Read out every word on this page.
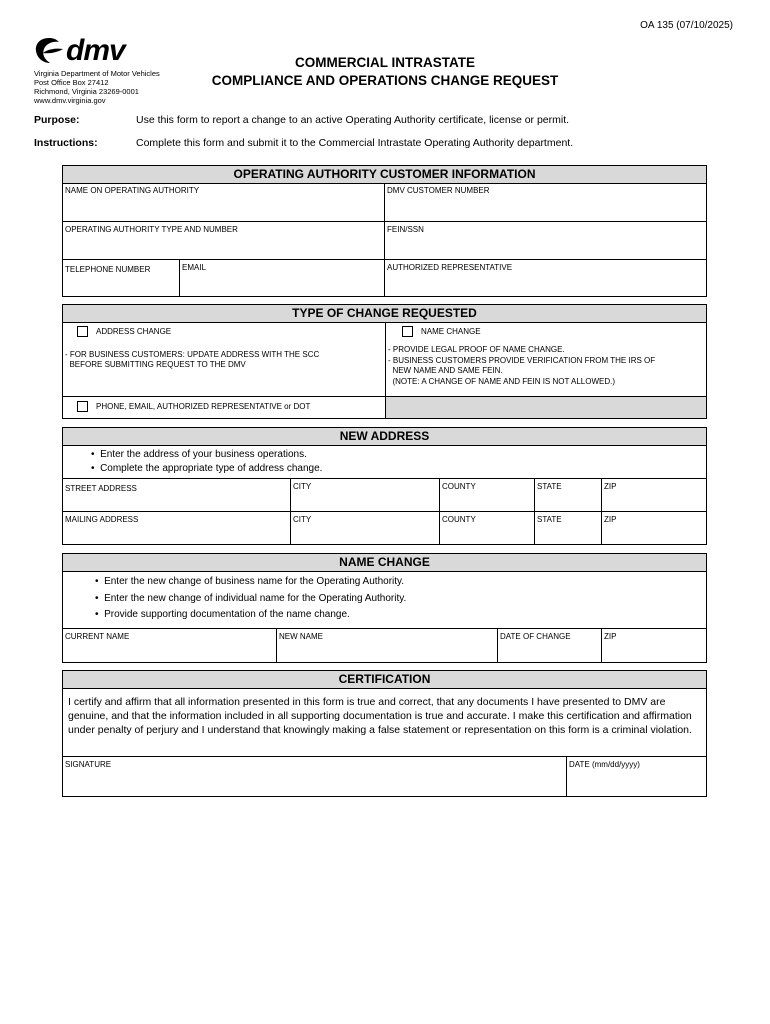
OA 135 (07/10/2025)
dmv
Virginia Department of Motor Vehicles
Post Office Box 27412
Richmond, Virginia 23269-0001
www.dmv.virginia.gov
COMMERCIAL INTRASTATE
COMPLIANCE AND OPERATIONS CHANGE REQUEST
Purpose:	Use this form to report a change to an active Operating Authority certificate, license or permit.
Instructions:	Complete this form and submit it to the Commercial Intrastate Operating Authority department.
OPERATING AUTHORITY CUSTOMER INFORMATION
NAME ON OPERATING AUTHORITY	DMV CUSTOMER NUMBER
OPERATING AUTHORITY TYPE AND NUMBER	FEIN/SSN
TELEPHONE NUMBER	EMAIL	AUTHORIZED REPRESENTATIVE
TYPE OF CHANGE REQUESTED
ADDRESS CHANGE
- FOR BUSINESS CUSTOMERS: UPDATE ADDRESS WITH THE SCC
BEFORE SUBMITTING REQUEST TO THE DMV
NAME CHANGE
- PROVIDE LEGAL PROOF OF NAME CHANGE.
- BUSINESS CUSTOMERS PROVIDE VERIFICATION FROM THE IRS OF
NEW NAME AND SAME FEIN.
(NOTE: A CHANGE OF NAME AND FEIN IS NOT ALLOWED.)
PHONE, EMAIL, AUTHORIZED REPRESENTATIVE or DOT
NEW ADDRESS
•  Enter the address of your business operations.
•  Complete the appropriate type of address change.
STREET ADDRESS	CITY	COUNTY	STATE	ZIP
MAILING ADDRESS	CITY	COUNTY	STATE	ZIP
NAME CHANGE
•  Enter the new change of business name for the Operating Authority.
•  Enter the new change of individual name for the Operating Authority.
•  Provide supporting documentation of the name change.
CURRENT NAME	NEW NAME	DATE OF CHANGE	ZIP
CERTIFICATION
I certify and affirm that all information presented in this form is true and correct, that any documents I have presented to DMV are genuine, and that the information included in all supporting documentation is true and accurate. I make this certification and affirmation under penalty of perjury and I understand that knowingly making a false statement or representation on this form is a criminal violation.
SIGNATURE	DATE (mm/dd/yyyy)
